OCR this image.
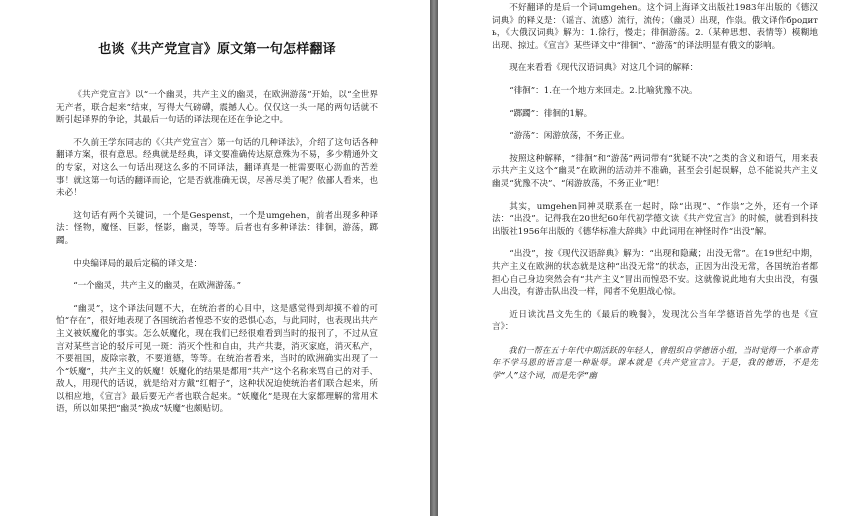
也谈《共产党宣言》原文第一句怎样翻译

《共产党宣言》以“一个幽灵，共产主义的幽灵，在欧洲游荡”开始，以“全世界无产者，联合起来”结束，写得大气磅礴，震撼人心。仅仅这一头一尾的两句话就不断引起译界的争论，其最后一句话的译法现在还在争论之中。

不久前王学东同志的《〈共产党宣言〉第一句话的几种译法》，介绍了这句话各种翻译方案，很有意思。经典就是经典，译文要准确传达原意殊为不易，多少精通外文的专家，对这么一句话出现这么多的不同译法，翻译真是一桩需要呕心沥血的苦差事！就这第一句话的翻译而论，它是否就准确无误，尽善尽美了呢？依鄙人看来，也未必！

这句话有两个关键词，一个是Gespenst，一个是umgehen，前者出现多种译法：怪物，魔怪、巨影，怪影，幽灵，等等。后者也有多种译法：徘徊，游荡，踯躅。

中央编译局的最后定稿的译文是：

“一个幽灵，共产主义的幽灵，在欧洲游荡。”

“幽灵”，这个译法问题不大，在统治者的心目中，这是感觉得到却摸不着的可怕“存在”，很好地表现了各国统治者惶恐不安的恐惧心态，与此同时，也表现出共产主义被妖魔化的事实。怎么妖魔化，现在我们已经很难看到当时的报刊了，不过从宣言对某些言论的驳斥可见一斑：消灭个性和自由，共产共妻，消灭家庭，消灭私产，不要祖国，废除宗教，不要道德，等等。在统治者看来，当时的欧洲确实出现了一个“妖魔”，共产主义的妖魔！妖魔化的结果是都用“共产”这个名称来骂自己的对手、敌人，用现代的话说，就是给对方戴“红帽子”，这种状况迫使统治者们联合起来，所以相应地，《宣言》最后要无产者也联合起来。“妖魔化”是现在大家都理解的常用术语，所以如果把“幽灵”换成“妖魔”也颇贴切。

不好翻译的是后一个词umgehen。这个词上海译文出版社1983年出版的《德汉词典》的释义是：（谣言、流感）流行，流传；（幽灵）出现，作祟。俄文译作бродить，《大俄汉词典》解为：1.徐行，慢走；徘徊游荡。2.（某种思想、表情等）模糊地出现、掠过。《宣言》某些译文中“徘徊”、“游荡”的译法明显有俄文的影响。

现在来看看《现代汉语词典》对这几个词的解释：

“徘徊”：1.在一个地方来回走。2.比喻犹豫不决。

“踯躅”：徘徊的1解。

“游荡”：闲游放荡，不务正业。

按照这种解释，“徘徊”和“游荡”两词带有“犹疑不决”之类的含义和语气，用来表示共产主义这个“幽灵”在欧洲的活动并不准确，甚至会引起误解，总不能说共产主义幽灵“犹豫不决”、“闲游放荡，不务正业”吧！

其实，umgehen同神灵联系在一起时，除“出现”、“作祟”之外，还有一个译法：“出没”。记得我在20世纪60年代初学德文读《共产党宣言》的时候，就看到科技出版社1956年出版的《德华标准大辞典》中此词用在神怪时作“出没”解。

“出没”，按《现代汉语辞典》解为：“出现和隐藏；出没无常”。在19世纪中期，共产主义在欧洲的状态就是这种“出没无常”的状态，正因为出没无常，各国统治者都担心自己身边突然会有“共产主义”冒出而惶恐不安。这就像说此地有大虫出没，有强人出没，有游击队出没一样，闻者不免胆战心惊。

近日读沈昌文先生的《最后的晚餐》，发现沈公当年学德语首先学的也是《宣言》：

我们一帮在五十年代中期活跃的年轻人，曾组织自学德语小组，当时觉得一个革命青年不学马恩的语言是一种耻辱。课本就是《共产党宣言》。于是，我的德语，不是先学“人”这个词，而是先学“幽
